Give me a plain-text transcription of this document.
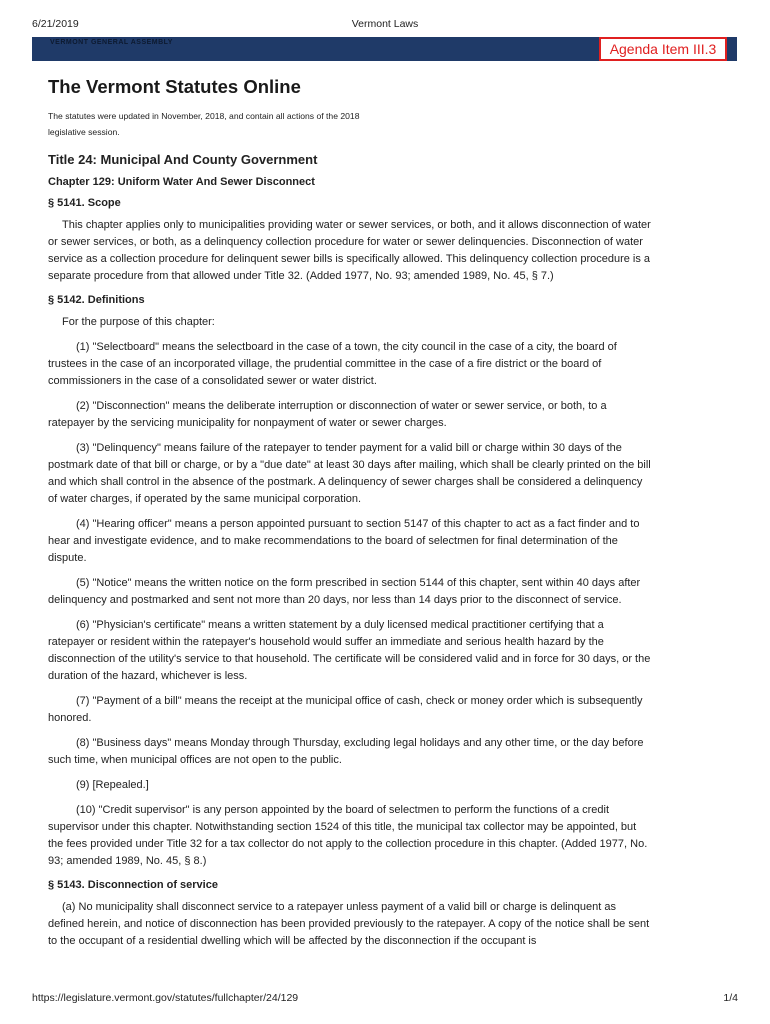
6/21/2019	Vermont Laws
VERMONT GENERAL ASSEMBLY	Agenda Item III.3
The Vermont Statutes Online

The statutes were updated in November, 2018, and contain all actions of the 2018 legislative session.

Title 24: Municipal And County Government
Chapter 129: Uniform Water And Sewer Disconnect
§ 5141. Scope

This chapter applies only to municipalities providing water or sewer services, or both, and it allows disconnection of water or sewer services, or both, as a delinquency collection procedure for water or sewer delinquencies. Disconnection of water service as a collection procedure for delinquent sewer bills is specifically allowed. This delinquency collection procedure is a separate procedure from that allowed under Title 32. (Added 1977, No. 93; amended 1989, No. 45, § 7.)

§ 5142. Definitions

For the purpose of this chapter:

(1) "Selectboard" means the selectboard in the case of a town, the city council in the case of a city, the board of trustees in the case of an incorporated village, the prudential committee in the case of a fire district or the board of commissioners in the case of a consolidated sewer or water district.

(2) "Disconnection" means the deliberate interruption or disconnection of water or sewer service, or both, to a ratepayer by the servicing municipality for nonpayment of water or sewer charges.

(3) "Delinquency" means failure of the ratepayer to tender payment for a valid bill or charge within 30 days of the postmark date of that bill or charge, or by a "due date" at least 30 days after mailing, which shall be clearly printed on the bill and which shall control in the absence of the postmark. A delinquency of sewer charges shall be considered a delinquency of water charges, if operated by the same municipal corporation.

(4) "Hearing officer" means a person appointed pursuant to section 5147 of this chapter to act as a fact finder and to hear and investigate evidence, and to make recommendations to the board of selectmen for final determination of the dispute.

(5) "Notice" means the written notice on the form prescribed in section 5144 of this chapter, sent within 40 days after delinquency and postmarked and sent not more than 20 days, nor less than 14 days prior to the disconnect of service.

(6) "Physician's certificate" means a written statement by a duly licensed medical practitioner certifying that a ratepayer or resident within the ratepayer's household would suffer an immediate and serious health hazard by the disconnection of the utility's service to that household. The certificate will be considered valid and in force for 30 days, or the duration of the hazard, whichever is less.

(7) "Payment of a bill" means the receipt at the municipal office of cash, check or money order which is subsequently honored.

(8) "Business days" means Monday through Thursday, excluding legal holidays and any other time, or the day before such time, when municipal offices are not open to the public.

(9) [Repealed.]

(10) "Credit supervisor" is any person appointed by the board of selectmen to perform the functions of a credit supervisor under this chapter. Notwithstanding section 1524 of this title, the municipal tax collector may be appointed, but the fees provided under Title 32 for a tax collector do not apply to the collection procedure in this chapter. (Added 1977, No. 93; amended 1989, No. 45, § 8.)

§ 5143. Disconnection of service

(a) No municipality shall disconnect service to a ratepayer unless payment of a valid bill or charge is delinquent as defined herein, and notice of disconnection has been provided previously to the ratepayer. A copy of the notice shall be sent to the occupant of a residential dwelling which will be affected by the disconnection if the occupant is

https://legislature.vermont.gov/statutes/fullchapter/24/129	1/4
